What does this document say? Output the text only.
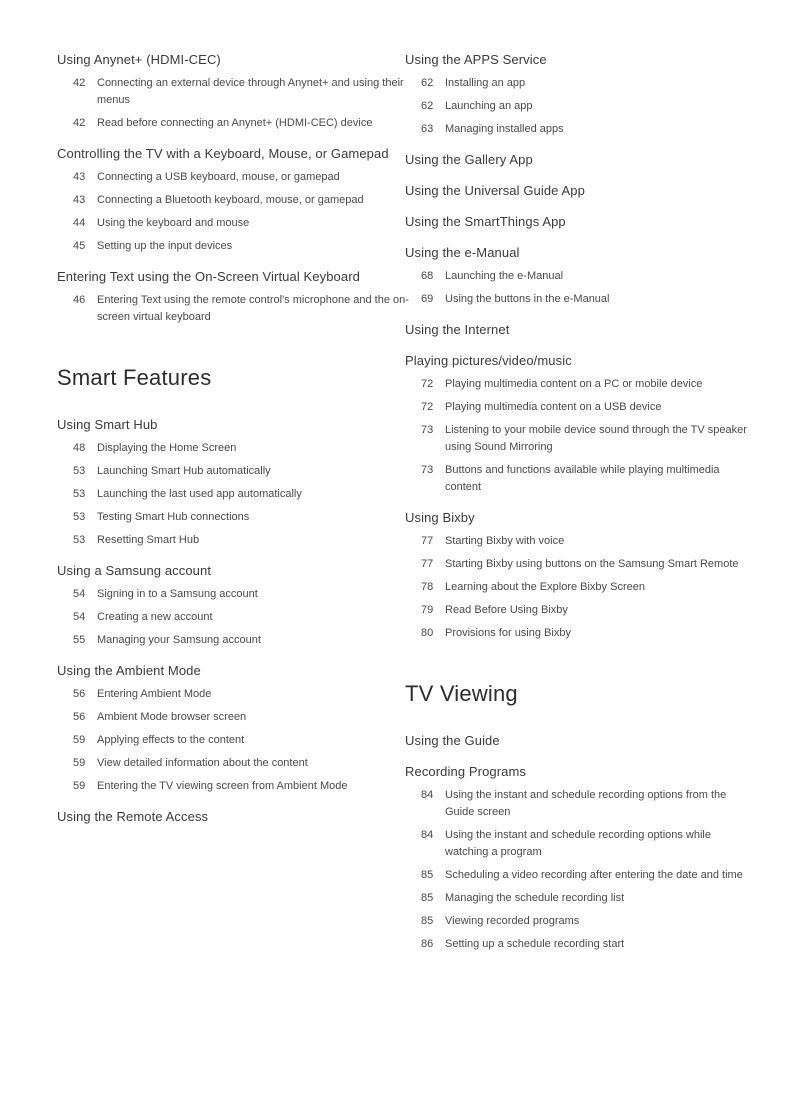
Using Anynet+ (HDMI-CEC)
42	Connecting an external device through Anynet+ and using their menus
42	Read before connecting an Anynet+ (HDMI-CEC) device
Controlling the TV with a Keyboard, Mouse, or Gamepad
43	Connecting a USB keyboard, mouse, or gamepad
43	Connecting a Bluetooth keyboard, mouse, or gamepad
44	Using the keyboard and mouse
45	Setting up the input devices
Entering Text using the On-Screen Virtual Keyboard
46	Entering Text using the remote control's microphone and the on-screen virtual keyboard
Smart Features
Using Smart Hub
48	Displaying the Home Screen
53	Launching Smart Hub automatically
53	Launching the last used app automatically
53	Testing Smart Hub connections
53	Resetting Smart Hub
Using a Samsung account
54	Signing in to a Samsung account
54	Creating a new account
55	Managing your Samsung account
Using the Ambient Mode
56	Entering Ambient Mode
56	Ambient Mode browser screen
59	Applying effects to the content
59	View detailed information about the content
59	Entering the TV viewing screen from Ambient Mode
Using the Remote Access
Using the APPS Service
62	Installing an app
62	Launching an app
63	Managing installed apps
Using the Gallery App
Using the Universal Guide App
Using the SmartThings App
Using the e-Manual
68	Launching the e-Manual
69	Using the buttons in the e-Manual
Using the Internet
Playing pictures/video/music
72	Playing multimedia content on a PC or mobile device
72	Playing multimedia content on a USB device
73	Listening to your mobile device sound through the TV speaker using Sound Mirroring
73	Buttons and functions available while playing multimedia content
Using Bixby
77	Starting Bixby with voice
77	Starting Bixby using buttons on the Samsung Smart Remote
78	Learning about the Explore Bixby Screen
79	Read Before Using Bixby
80	Provisions for using Bixby
TV Viewing
Using the Guide
Recording Programs
84	Using the instant and schedule recording options from the Guide screen
84	Using the instant and schedule recording options while watching a program
85	Scheduling a video recording after entering the date and time
85	Managing the schedule recording list
85	Viewing recorded programs
86	Setting up a schedule recording start
